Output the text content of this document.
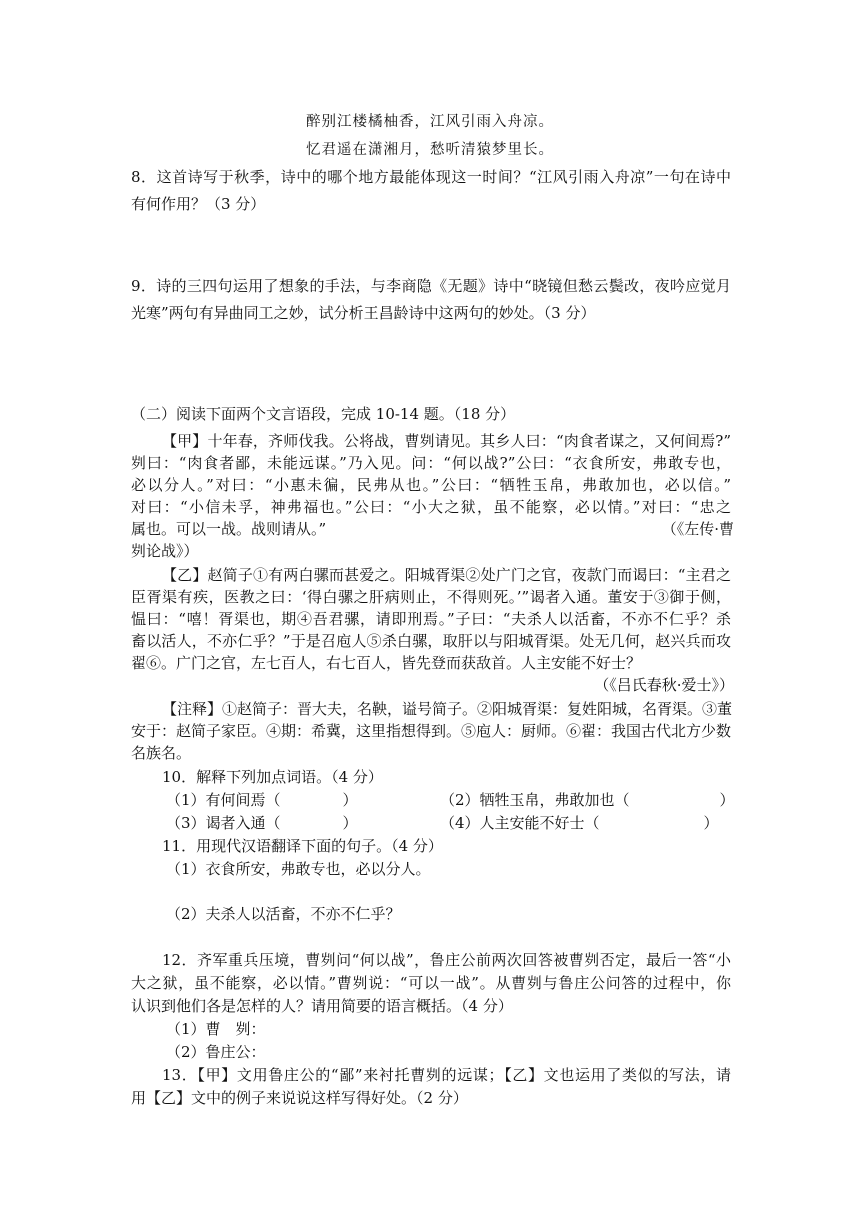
醉别江楼橘柚香，江风引雨入舟凉。
忆君遥在潇湘月，愁听清猿梦里长。
8．这首诗写于秋季，诗中的哪个地方最能体现这一时间？“江风引雨入舟凉”一句在诗中
有何作用？（3 分）
9．诗的三四句运用了想象的手法，与李商隐《无题》诗中“晓镜但愁云鬓改，夜吟应觉月
光寒”两句有异曲同工之妙，试分析王昌龄诗中这两句的妙处。（3 分）
（二）阅读下面两个文言语段，完成 10-14 题。（18 分）
【甲】十年春，齐师伐我。公将战，曹刿请见。其乡人曰：“肉食者谋之，又何间焉?”
刿曰：“肉食者鄙，未能远谋。”乃入见。问：“何以战?”公曰：“衣食所安，弗敢专也，
必以分人。”对曰：“小惠未徧，民弗从也。”公曰：“牺牲玉帛，弗敢加也，必以信。”
对曰：“小信未孚，神弗福也。”公曰：“小大之狱，虽不能察，必以情。”对曰：“忠之
属也。可以一战。战则请从。”	（《左传·曹
刿论战》）
【乙】赵简子①有两白骡而甚爱之。阳城胥渠②处广门之官，夜款门而谒曰：“主君之
臣胥渠有疾，医教之曰：‘得白骡之肝病则止，不得则死。’”谒者入通。董安于③御于侧，
愠曰：“嘻！胥渠也，期④吾君骡，请即刑焉。”子曰：“夫杀人以活畜，不亦不仁乎？杀
畜以活人，不亦仁乎？”于是召庖人⑤杀白骡，取肝以与阳城胥渠。处无几何，赵兴兵而攻
翟⑥。广门之官，左七百人，右七百人，皆先登而获敌首。人主安能不好士？
（《吕氏春秋·爱士》）
【注释】①赵简子：晋大夫，名鞅，谥号简子。②阳城胥渠：复姓阳城，名胥渠。③董
安于：赵简子家臣。④期：希冀，这里指想得到。⑤庖人：厨师。⑥翟：我国古代北方少数
名族名。
10．解释下列加点词语。（4 分）
（1）有何间焉（	）	（2）牺牲玉帛，弗敢加也（	）
（3）谒者入通（	）	（4）人主安能不好士（	）
11．用现代汉语翻译下面的句子。（4 分）
（1）衣食所安，弗敢专也，必以分人。
（2）夫杀人以活畜，不亦不仁乎？
12．齐军重兵压境，曹刿问“何以战”，鲁庄公前两次回答被曹刿否定，最后一答“小
大之狱，虽不能察，必以情。”曹刿说：“可以一战”。从曹刿与鲁庄公问答的过程中，你
认识到他们各是怎样的人？请用简要的语言概括。（4 分）
（1）曹　刿：
（2）鲁庄公：
13．【甲】文用鲁庄公的“鄙”来衬托曹刿的远谋；【乙】文也运用了类似的写法，请
用【乙】文中的例子来说说这样写得好处。（2 分）
